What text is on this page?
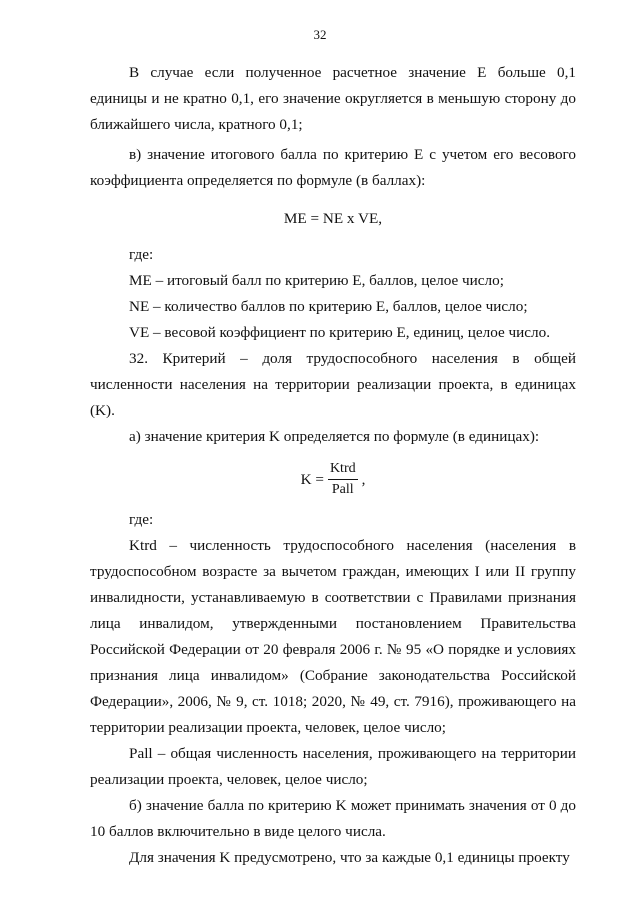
32

В случае если полученное расчетное значение E больше 0,1 единицы и не кратно 0,1, его значение округляется в меньшую сторону до ближайшего числа, кратного 0,1;

в) значение итогового балла по критерию E с учетом его весового коэффициента определяется по формуле (в баллах):

ME = NE x VE,

где:

ME – итоговый балл по критерию E, баллов, целое число;

NE – количество баллов по критерию E, баллов, целое число;

VE – весовой коэффициент по критерию E, единиц, целое число.

32. Критерий – доля трудоспособного населения в общей численности населения на территории реализации проекта, в единицах (K).

а) значение критерия K определяется по формуле (в единицах):

$K = \frac{\text{Ktrd}}{\text{Pall}}$ ,

где:

Ktrd – численность трудоспособного населения (населения в трудоспособном возрасте за вычетом граждан, имеющих I или II группу инвалидности, устанавливаемую в соответствии с Правилами признания лица инвалидом, утвержденными постановлением Правительства Российской Федерации от 20 февраля 2006 г. № 95 «О порядке и условиях признания лица инвалидом» (Собрание законодательства Российской Федерации», 2006, № 9, ст. 1018; 2020, № 49, ст. 7916), проживающего на территории реализации проекта, человек, целое число;

Pall – общая численность населения, проживающего на территории реализации проекта, человек, целое число;

б) значение балла по критерию K может принимать значения от 0 до 10 баллов включительно в виде целого числа.

Для значения K предусмотрено, что за каждые 0,1 единицы проекту
